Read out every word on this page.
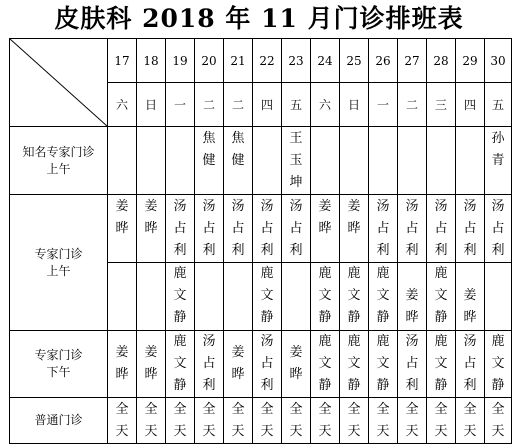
皮肤科 2018 年 11 月门诊排班表
	17	18	19	20	21	22	23	24	25	26	27	28	29	30
	六	日	一	二	二	四	五	六	日	一	二	三	四	五

知名专家门诊
上午				焦健	焦健		王玉坤							孙青

专家门诊
上午	姜晔	姜晔	汤占利	汤占利	汤占利	汤占利	汤占利	姜晔	姜晔	汤占利	汤占利	汤占利	汤占利	汤占利
			鹿文静			鹿文静		鹿文静	鹿文静	鹿文静	姜晔	鹿文静	姜晔	

专家门诊
下午	姜晔	姜晔	鹿文静	汤占利	姜晔	汤占利	姜晔	鹿文静	鹿文静	鹿文静	汤占利	鹿文静	汤占利	鹿文静
普通门诊	全天	全天	全天	全天	全天	全天	全天	全天	全天	全天	全天	全天	全天	全天
